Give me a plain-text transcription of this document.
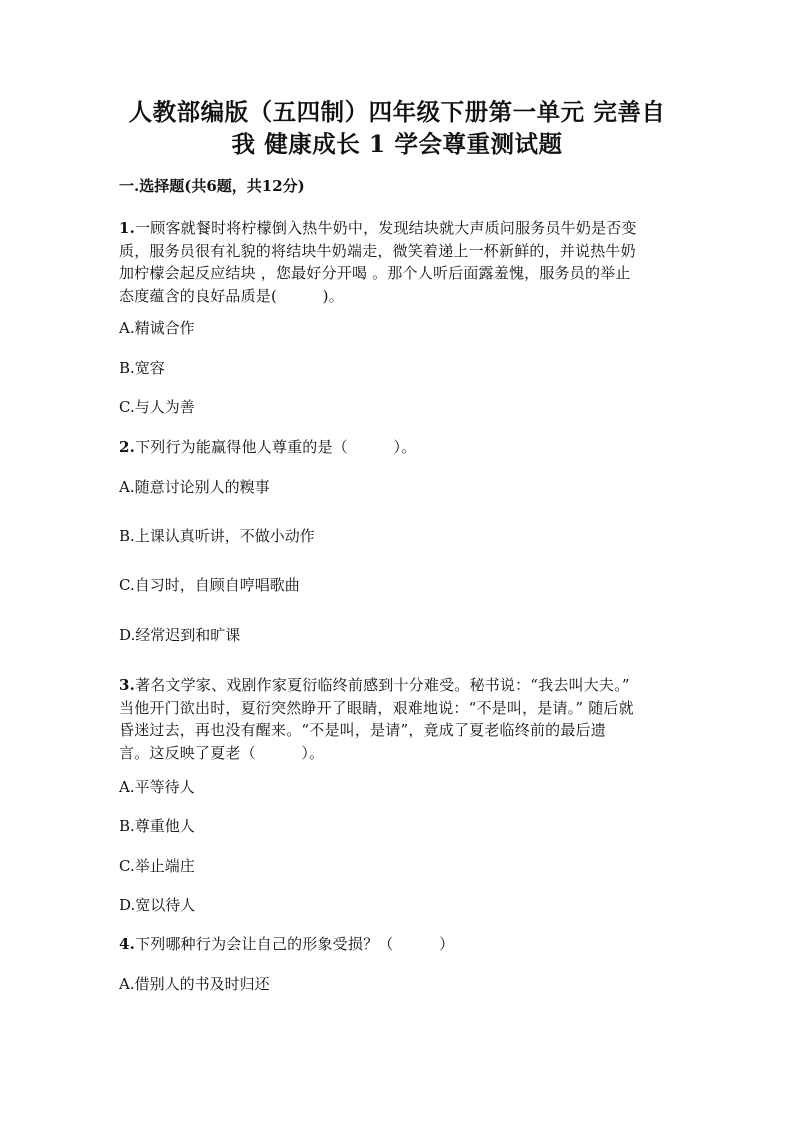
人教部编版（五四制）四年级下册第一单元 完善自
我 健康成长 1 学会尊重测试题
一.选择题(共6题，共12分)
1.一顾客就餐时将柠檬倒入热牛奶中，发现结块就大声质问服务员牛奶是否变
质，服务员很有礼貌的将结块牛奶端走，微笑着递上一杯新鲜的，并说热牛奶
加柠檬会起反应结块 ，您最好分开喝 。那个人听后面露羞愧，服务员的举止
态度蕴含的良好品质是(　　　)。
A.精诚合作
B.宽容
C.与人为善
2.下列行为能赢得他人尊重的是（　　　）。
A.随意讨论别人的糗事
B.上课认真听讲，不做小动作
C.自习时，自顾自哼唱歌曲
D.经常迟到和旷课
3.著名文学家、戏剧作家夏衍临终前感到十分难受。秘书说：“我去叫大夫。”
当他开门欲出时，夏衍突然睁开了眼睛，艰难地说：“不是叫，是请。” 随后就
昏迷过去，再也没有醒来。“不是叫，是请”，竟成了夏老临终前的最后遗
言。这反映了夏老（　　　）。
A.平等待人
B.尊重他人
C.举止端庄
D.宽以待人
4.下列哪种行为会让自己的形象受损？（　　　）
A.借别人的书及时归还
